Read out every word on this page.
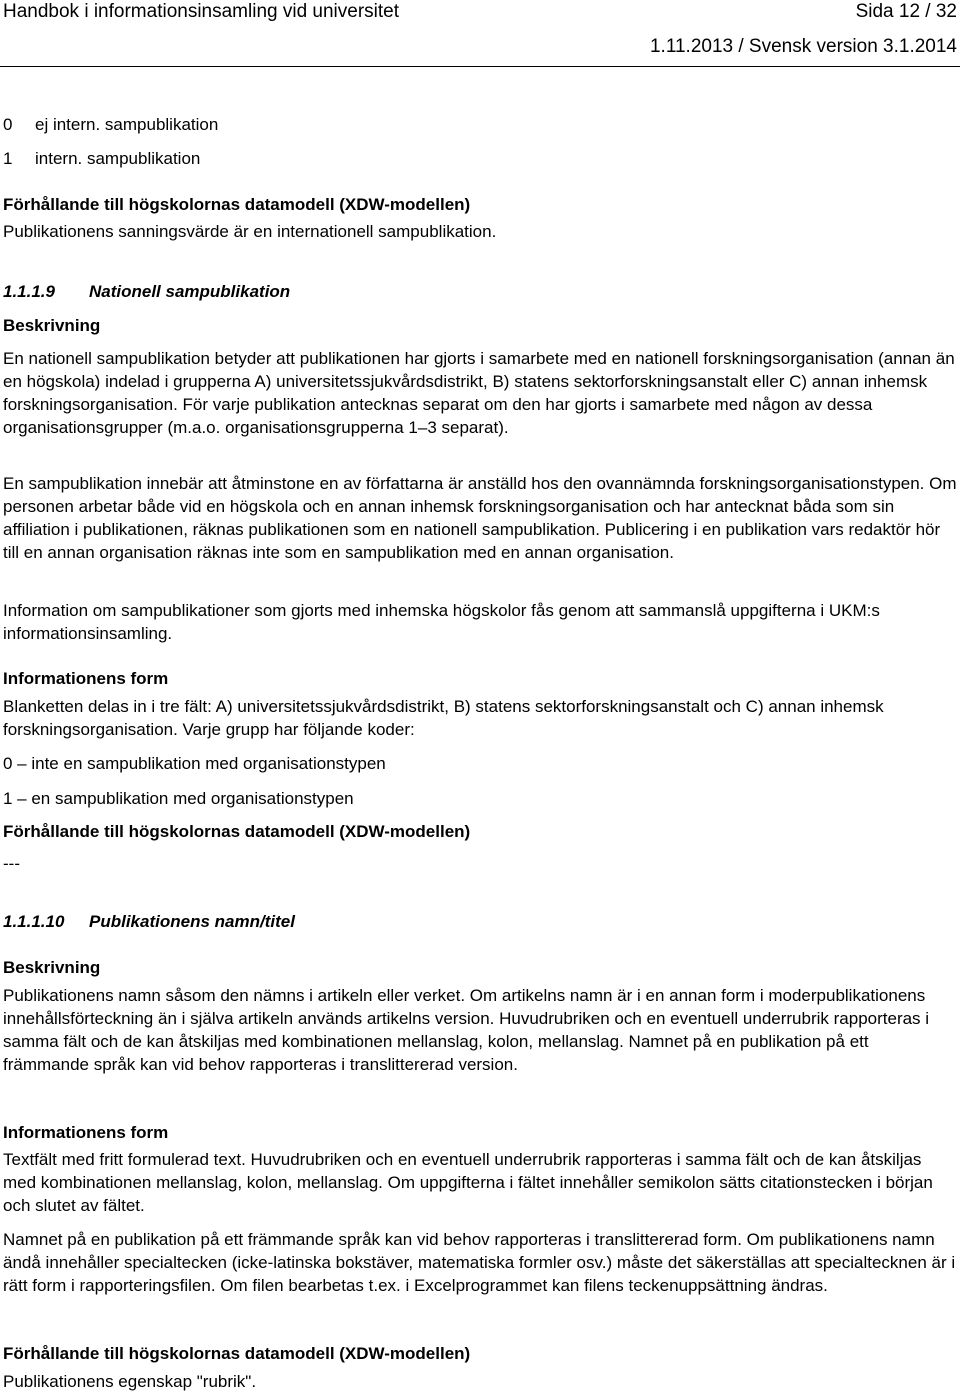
Handbok i informationsinsamling vid universitet	Sida 12 / 32
1.11.2013 / Svensk version 3.1.2014
0 ej intern. sampublikation
1 intern. sampublikation
Förhållande till högskolornas datamodell (XDW-modellen)
Publikationens sanningsvärde är en internationell sampublikation.
1.1.1.9 Nationell sampublikation
Beskrivning
En nationell sampublikation betyder att publikationen har gjorts i samarbete med en nationell forskningsorganisation (annan än en högskola) indelad i grupperna A) universitetssjukvårdsdistrikt, B) statens sektorforskningsanstalt eller C) annan inhemsk forskningsorganisation. För varje publikation antecknas separat om den har gjorts i samarbete med någon av dessa organisationsgrupper (m.a.o. organisationsgrupperna 1–3 separat).
En sampublikation innebär att åtminstone en av författarna är anställd hos den ovannämnda forskningsorganisationstypen. Om personen arbetar både vid en högskola och en annan inhemsk forskningsorganisation och har antecknat båda som sin affiliation i publikationen, räknas publikationen som en nationell sampublikation. Publicering i en publikation vars redaktör hör till en annan organisation räknas inte som en sampublikation med en annan organisation.
Information om sampublikationer som gjorts med inhemska högskolor fås genom att sammanslå uppgifterna i UKM:s informationsinsamling.
Informationens form
Blanketten delas in i tre fält: A) universitetssjukvårdsdistrikt, B) statens sektorforskningsanstalt och C) annan inhemsk forskningsorganisation. Varje grupp har följande koder:
0 – inte en sampublikation med organisationstypen
1 – en sampublikation med organisationstypen
Förhållande till högskolornas datamodell (XDW-modellen)
---
1.1.1.10 Publikationens namn/titel
Beskrivning
Publikationens namn såsom den nämns i artikeln eller verket. Om artikelns namn är i en annan form i moderpublikationens innehållsförteckning än i själva artikeln används artikelns version. Huvudrubriken och en eventuell underrubrik rapporteras i samma fält och de kan åtskiljas med kombinationen mellanslag, kolon, mellanslag. Namnet på en publikation på ett främmande språk kan vid behov rapporteras i translittererad version.
Informationens form
Textfält med fritt formulerad text. Huvudrubriken och en eventuell underrubrik rapporteras i samma fält och de kan åtskiljas med kombinationen mellanslag, kolon, mellanslag. Om uppgifterna i fältet innehåller semikolon sätts citationstecken i början och slutet av fältet.
Namnet på en publikation på ett främmande språk kan vid behov rapporteras i translittererad form. Om publikationens namn ändå innehåller specialtecken (icke-latinska bokstäver, matematiska formler osv.) måste det säkerställas att specialtecknen är i rätt form i rapporteringsfilen. Om filen bearbetas t.ex. i Excelprogrammet kan filens teckenuppsättning ändras.
Förhållande till högskolornas datamodell (XDW-modellen)
Publikationens egenskap "rubrik".
